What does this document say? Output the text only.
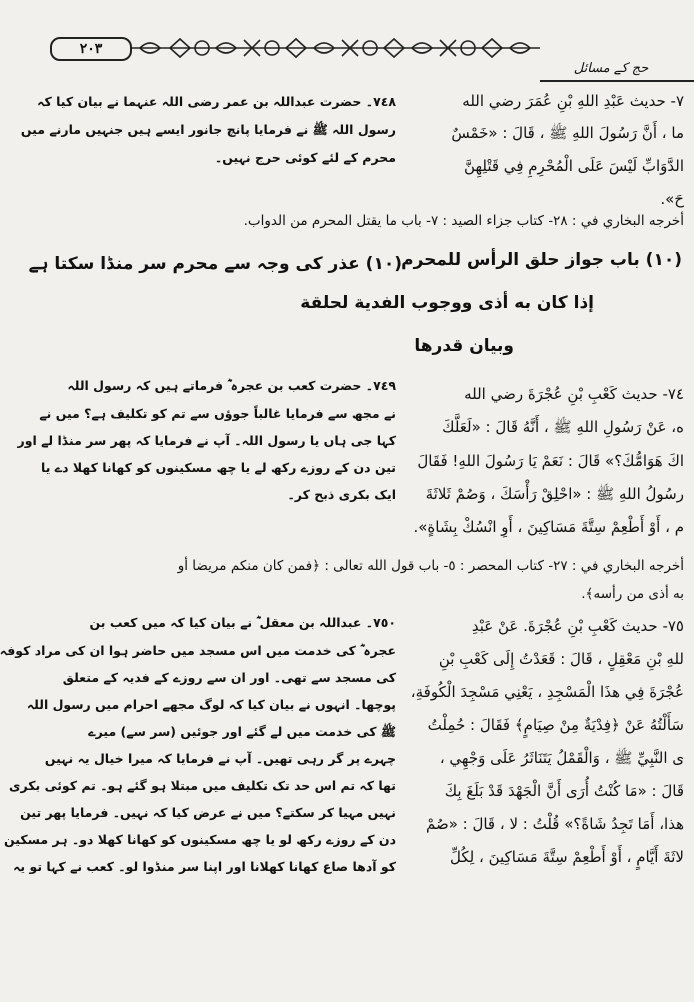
۲۰۳
حج کے مسائل
٧- حديث عَبْدِ اللهِ بْنِ عُمَرَ رضي الله
ما ، أَنَّ رَسُولَ اللهِ ﷺ ، قَالَ : «خَمْسٌ
الدَّوَابِّ لَيْسَ عَلَى الْمُحْرِمِ فِي قَتْلِهِنَّ
حَ».
٧٤٨۔ حضرت عبداللہ بن عمر رضی اللہ عنہما نے بیان کیا کہ
رسول اللہ ﷺ نے فرمایا پانچ جانور ایسے ہیں جنہیں مارنے میں
محرم کے لئے کوئی حرج نہیں۔
أخرجه البخاري في : ٢٨- كتاب جزاء الصيد : ٧- باب ما يقتل المحرم من الدواب.
(١٠) باب جواز حلق الرأس للمحرم
إذا كان به أذى ووجوب الفدية لحلقة
وبيان قدرها
(۱۰) عذر کی وجہ سے محرم سر منڈا سکتا ہے
٧٤- حديث كَعْبِ بْنِ عُجْرَةَ رضي الله
ه، عَنْ رَسُولِ اللهِ ﷺ ، أَنَّهُ قَالَ : «لَعَلَّكَ
اكَ هَوَامُّكَ؟» قَالَ : نَعَمْ يَا رَسُولَ اللهِ! فَقَالَ
رسُولُ اللهِ ﷺ : «احْلِقْ رَأْسَكَ ، وَصُمْ ثَلاثَةَ
م ، أَوْ أَطْعِمْ سِتَّةَ مَسَاكِينَ ، أَوِ انْسُكْ بِشَاةٍ».
٧٤٩۔ حضرت کعب بن عجرہ ؓ فرماتے ہیں کہ رسول اللہ
نے مجھ سے فرمایا غالباً جوؤں سے تم کو تکلیف ہے؟ میں نے
کہا جی ہاں یا رسول اللہ۔ آپ نے فرمایا کہ پھر سر منڈا لے اور
تین دن کے روزے رکھ لے یا چھ مسکینوں کو کھانا کھلا دے یا
ایک بکری ذبح کر۔
أخرجه البخاري في : ٢٧- كتاب المحصر : ٥- باب قول الله تعالى : ﴿فمن كان منكم مريضا أو
به أذى من رأسه﴾.
٧٥- حديث كَعْبِ بْنِ عُجْرَةَ. عَنْ عَبْدِ
للهِ بْنِ مَعْقِلٍ ، قَالَ : قَعَدْتُ إِلَى كَعْبِ بْنِ
عُجْرَةَ فِي هذَا الْمَسْجِدِ ، يَعْنِي مَسْجِدَ الْكُوفَةِ،
سَأَلْتُهُ عَنْ ﴿فِدْيَةٌ مِنْ صِيَامٍ﴾ فَقَالَ : حُمِلْتُ
ى النَّبِيِّ ﷺ ، وَالْقَمْلُ يَتَنَاثَرُ عَلَى وَجْهِي ،
قَالَ : «مَا كُنْتُ أُرَى أَنَّ الْجَهْدَ قَدْ بَلَغَ بِكَ
هذا، أَمَا تَجِدُ شَاةً؟» قُلْتُ : لا ، قَالَ : «صُمْ
لاثَةَ أَيَّامٍ ، أَوْ أَطْعِمْ سِتَّةَ مَسَاكِينَ ، لِكُلِّ
٧٥٠۔ عبداللہ بن معقل ؓ نے بیان کیا کہ میں کعب بن
عجرہ ؓ کی خدمت میں اس مسجد میں حاضر ہوا ان کی مراد کوفہ
کی مسجد سے تھی۔ اور ان سے روزے کے فدیہ کے متعلق
پوچھا۔ انہوں نے بیان کیا کہ لوگ مجھے احرام میں رسول اللہ
ﷺ کی خدمت میں لے گئے اور جوئیں (سر سے) میرے
چہرے پر گر رہی تھیں۔ آپ نے فرمایا کہ میرا خیال یہ نہیں
تھا کہ تم اس حد تک تکلیف میں مبتلا ہو گئے ہو۔ تم کوئی بکری
نہیں مہیا کر سکتے؟ میں نے عرض کیا کہ نہیں۔ فرمایا پھر تین
دن کے روزے رکھ لو یا چھ مسکینوں کو کھانا کھلا دو۔ ہر مسکین
کو آدھا صاع کھانا کھلانا اور اپنا سر منڈوا لو۔ کعب نے کہا تو یہ
